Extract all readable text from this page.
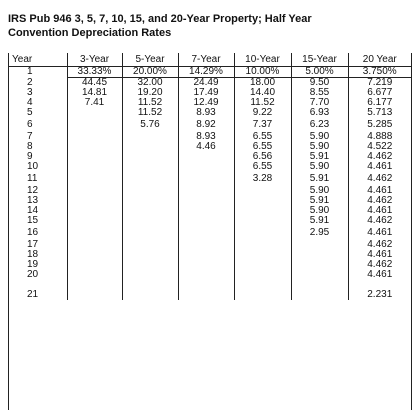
IRS Pub 946 3, 5, 7, 10, 15, and 20-Year Property; Half Year Convention Depreciation Rates
Year	3-Year	5-Year	7-Year	10-Year	15-Year	20 Year
1	33.33%	20.00%	14.29%	10.00%	5.00%	3.750%
2	44.45	32.00	24.49	18.00	9.50	7.219
3	14.81	19.20	17.49	14.40	8.55	6.677
4	7.41	11.52	12.49	11.52	7.70	6.177
5		11.52	8.93	9.22	6.93	5.713
6		5.76	8.92	7.37	6.23	5.285
7			8.93	6.55	5.90	4.888
8			4.46	6.55	5.90	4.522
9				6.56	5.91	4.462
10				6.55	5.90	4.461
11				3.28	5.91	4.462
12					5.90	4.461
13					5.91	4.462
14					5.90	4.461
15					5.91	4.462
16					2.95	4.461
17						4.462
18						4.461
19						4.462
20						4.461
21						2.231
